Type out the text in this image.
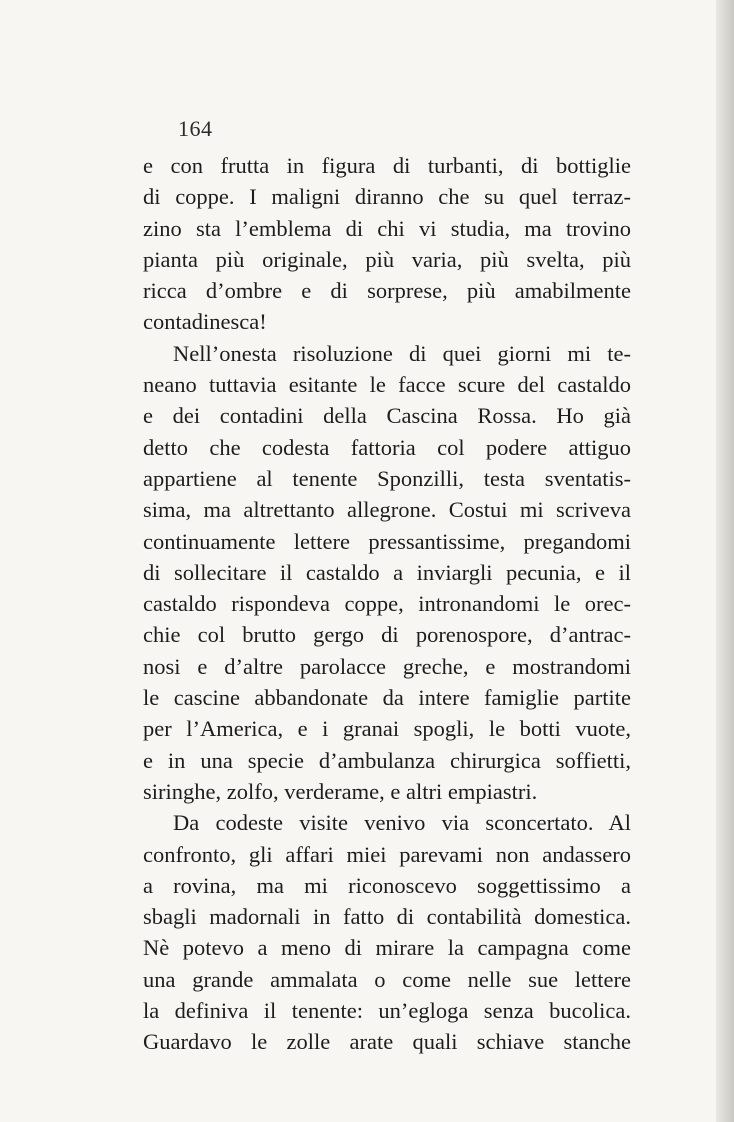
164
e con frutta in figura di turbanti, di bottiglie
di coppe. I maligni diranno che su quel terraz-
zino sta l’emblema di chi vi studia, ma trovino
pianta più originale, più varia, più svelta, più
ricca d’ombre e di sorprese, più amabilmente
contadinesca!
Nell’onesta risoluzione di quei giorni mi te-
neano tuttavia esitante le facce scure del castaldo
e dei contadini della Cascina Rossa. Ho già
detto che codesta fattoria col podere attiguo
appartiene al tenente Sponzilli, testa sventatis-
sima, ma altrettanto allegrone. Costui mi scriveva
continuamente lettere pressantissime, pregandomi
di sollecitare il castaldo a inviargli pecunia, e il
castaldo rispondeva coppe, intronandomi le orec-
chie col brutto gergo di porenospore, d’antrac-
nosi e d’altre parolacce greche, e mostrandomi
le cascine abbandonate da intere famiglie partite
per l’America, e i granai spogli, le botti vuote,
e in una specie d’ambulanza chirurgica soffietti,
siringhe, zolfo, verderame, e altri empiastri.
Da codeste visite venivo via sconcertato. Al
confronto, gli affari miei parevami non andassero
a rovina, ma mi riconoscevo soggettissimo a
sbagli madornali in fatto di contabilità domestica.
Nè potevo a meno di mirare la campagna come
una grande ammalata o come nelle sue lettere
la definiva il tenente: un’egloga senza bucolica.
Guardavo le zolle arate quali schiave stanche
